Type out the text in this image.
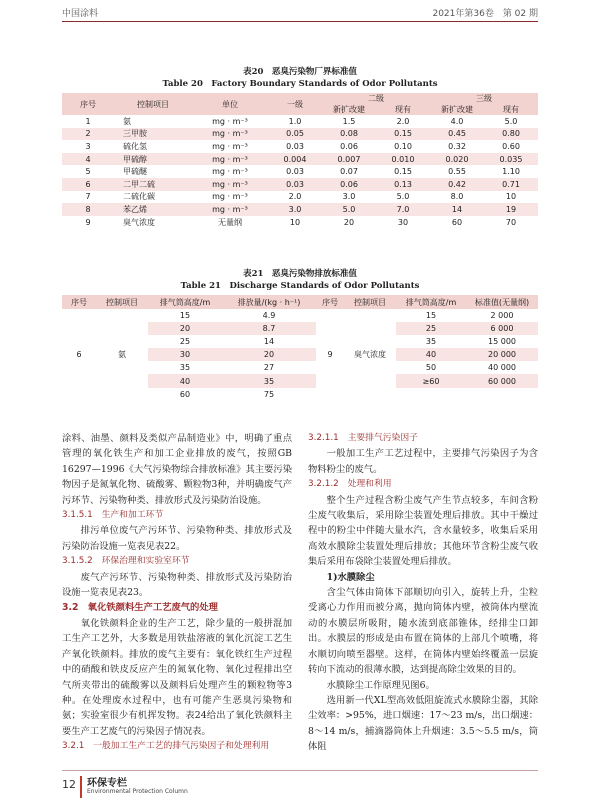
中国涂料	2021年第36卷　第 02 期
表20　恶臭污染物厂界标准值
Table 20　Factory Boundary Standards of Odor Pollutants
序号	控制项目	单位	一级	二级		三级	
				新扩改建	现有	新扩改建	现有
1	氨	mg · m⁻³	1.0	1.5	2.0	4.0	5.0
2	三甲胺	mg · m⁻³	0.05	0.08	0.15	0.45	0.80
3	硫化氢	mg · m⁻³	0.03	0.06	0.10	0.32	0.60
4	甲硫醇	mg · m⁻³	0.004	0.007	0.010	0.020	0.035
5	甲硫醚	mg · m⁻³	0.03	0.07	0.15	0.55	1.10
6	二甲二硫	mg · m⁻³	0.03	0.06	0.13	0.42	0.71
7	二硫化碳	mg · m⁻³	2.0	3.0	5.0	8.0	10
8	苯乙烯	mg · m⁻³	3.0	5.0	7.0	14	19
9	臭气浓度	无量纲	10	20	30	60	70
表21　恶臭污染物排放标准值
Table 21　Discharge Standards of Odor Pollutants
序号	控制项目	排气筒高度/m	排放量/(kg · h⁻¹)	序号	控制项目	排气筒高度/m	标准值(无量纲)
6	氨	15	4.9	9	臭气浓度	15	2 000
		20	8.7			25	6 000
		25	14			35	15 000
		30	20			40	20 000
		35	27			50	40 000
		40	35			≥60	60 000
		60	75				

涂料、油墨、颜料及类似产品制造业》中，明确了重点管理的氧化铁生产和加工企业排放的废气，按照GB 16297—1996《大气污染物综合排放标准》其主要污染物因子是氮氧化物、硫酸雾、颗粒物3种，并明确废气产污环节、污染物种类、排放形式及污染防治设施。

3.1.5.1　生产和加工环节

排污单位废气产污环节、污染物种类、排放形式及污染防治设施一览表见表22。

3.1.5.2　环保治理和实验室环节

废气产污环节、污染物种类、排放形式及污染防治设施一览表见表23。

3.2　氧化铁颜料生产工艺废气的处理

氧化铁颜料企业的生产工艺，除少量的一般拼混加工生产工艺外，大多数是用铁盐溶液的氧化沉淀工艺生产氧化铁颜料。排放的废气主要有：氧化铁红生产过程中的硝酸和铁皮反应产生的氮氧化物、氧化过程排出空气所夹带出的硫酸雾以及颜料后处理产生的颗粒物等3种。在处理废水过程中，也有可能产生恶臭污染物和氨；实验室很少有机挥发物。表24给出了氧化铁颜料主要生产工艺废气的污染因子情况表。

3.2.1　一般加工生产工艺的排气污染因子和处理利用
3.2.1.1　主要排气污染因子

一般加工生产工艺过程中，主要排气污染因子为含物料粉尘的废气。

3.2.1.2　处理和利用

整个生产过程含粉尘废气产生节点较多，车间含粉尘废气收集后，采用除尘装置处理后排放。其中干燥过程中的粉尘中伴随大量水汽，含水量较多，收集后采用高效水膜除尘装置处理后排放；其他环节含粉尘废气收集后采用布袋除尘装置处理后排放。

1)水膜除尘

含尘气体由筒体下部顺切向引入，旋转上升，尘粒受离心力作用而被分离，抛向筒体内壁，被筒体内壁流动的水膜层所吸附，随水流到底部锥体，经排尘口卸出。水膜层的形成是由布置在筒体的上部几个喷嘴，将水顺切向喷至器壁。这样，在筒体内壁始终覆盖一层旋转向下流动的很薄水膜，达到提高除尘效果的目的。

水膜除尘工作原理见图6。

选用新一代XL型高效低阻旋流式水膜除尘器，其除尘效率：>95%，进口烟速：17～23 m/s，出口烟速：8～14 m/s，捕滴器筒体上升烟速：3.5～5.5 m/s，筒体阻

12 环保专栏
Environmental Protection Column
